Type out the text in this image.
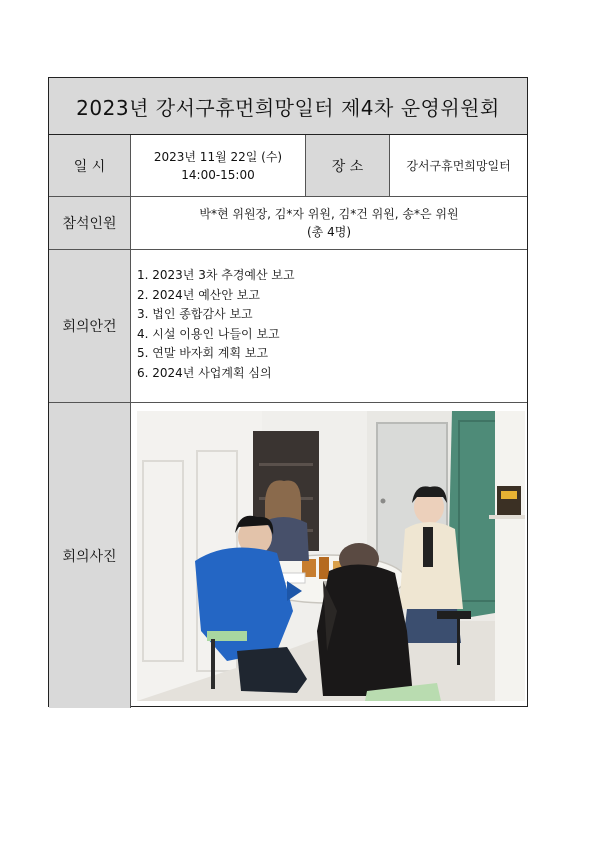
2023년 강서구휴먼희망일터 제4차 운영위원회
일 시
2023년 11월 22일 (수)
14:00-15:00	장 소	강서구휴먼희망일터
참석인원
박*현 위원장, 김*자 위원, 김*건 위원, 송*은 위원
(총 4명)
회의안건
1. 2023년 3차 추경예산 보고
2. 2024년 예산안 보고
3. 법인 종합감사 보고
4. 시설 이용인 나들이 보고
5. 연말 바자회 계획 보고
6. 2024년 사업계획 심의
회의사진
